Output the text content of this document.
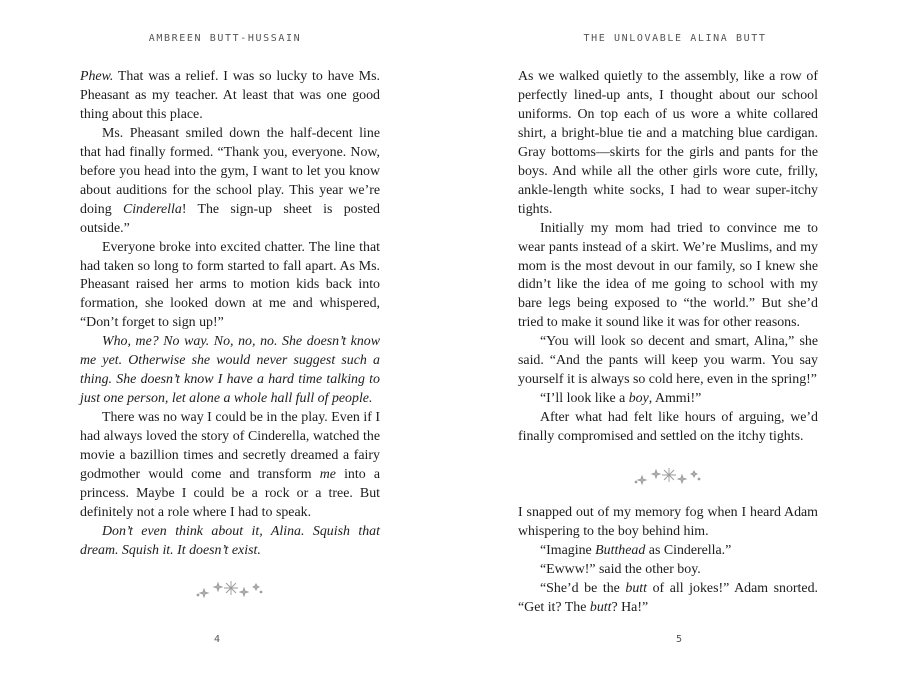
AMBREEN BUTT-HUSSAIN

Phew. That was a relief. I was so lucky to have Ms. Pheasant as my teacher. At least that was one good thing about this place.

Ms. Pheasant smiled down the half-decent line that had finally formed. “Thank you, everyone. Now, before you head into the gym, I want to let you know about auditions for the school play. This year we’re doing Cinderella! The sign-up sheet is posted outside.”

Everyone broke into excited chatter. The line that had taken so long to form started to fall apart. As Ms. Pheasant raised her arms to motion kids back into formation, she looked down at me and whispered, “Don’t forget to sign up!”

Who, me? No way. No, no, no. She doesn’t know me yet. Otherwise she would never suggest such a thing. She doesn’t know I have a hard time talking to just one person, let alone a whole hall full of people.

There was no way I could be in the play. Even if I had always loved the story of Cinderella, watched the movie a bazillion times and secretly dreamed a fairy godmother would come and transform me into a princess. Maybe I could be a rock or a tree. But definitely not a role where I had to speak.

Don’t even think about it, Alina. Squish that dream. Squish it. It doesn’t exist.

4
THE UNLOVABLE ALINA BUTT

As we walked quietly to the assembly, like a row of perfectly lined-up ants, I thought about our school uniforms. On top each of us wore a white collared shirt, a bright-blue tie and a matching blue cardigan. Gray bottoms—skirts for the girls and pants for the boys. And while all the other girls wore cute, frilly, ankle-length white socks, I had to wear super-itchy tights.

Initially my mom had tried to convince me to wear pants instead of a skirt. We’re Muslims, and my mom is the most devout in our family, so I knew she didn’t like the idea of me going to school with my bare legs being exposed to “the world.” But she’d tried to make it sound like it was for other reasons.

“You will look so decent and smart, Alina,” she said. “And the pants will keep you warm. You say yourself it is always so cold here, even in the spring!”

“I’ll look like a boy, Ammi!”

After what had felt like hours of arguing, we’d finally compromised and settled on the itchy tights.

I snapped out of my memory fog when I heard Adam whispering to the boy behind him.

“Imagine Butthead as Cinderella.”

“Ewww!” said the other boy.

“She’d be the butt of all jokes!” Adam snorted. “Get it? The butt? Ha!”

5
